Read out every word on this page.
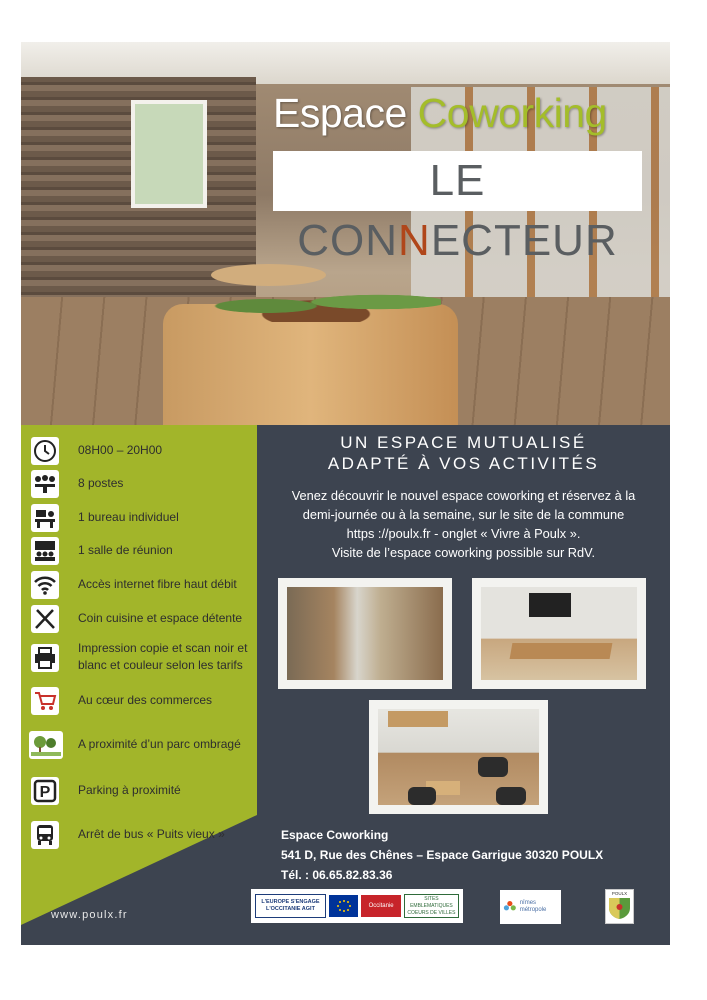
Espace Coworking
LE CONNECTEUR
08H00 – 20H00
8 postes
1 bureau individuel
1 salle de réunion
Accès internet fibre haut débit
Coin cuisine et espace détente
Impression copie et scan noir et blanc et couleur selon les tarifs
Au cœur des commerces
A proximité d’un parc ombragé
P Parking à proximité
Arrêt de bus « Puits vieux »
UN ESPACE MUTUALISÉ
ADAPTÉ À VOS ACTIVITÉS
Venez découvrir le nouvel espace coworking et réservez à la
demi-journée ou à la semaine, sur le site de la commune
https ://poulx.fr - onglet « Vivre à Poulx ».
Visite de l’espace coworking possible sur RdV.
Espace Coworking
541 D, Rue des Chênes – Espace Garrigue 30320 POULX
Tél. : 06.65.82.83.36
www.poulx.fr
L'EUROPE S'ENGAGE L'OCCITANIE AGIT
Occitanie
SITES EMBLEMATIQUES COEURS DE VILLES
nîmes métropole
POULX
